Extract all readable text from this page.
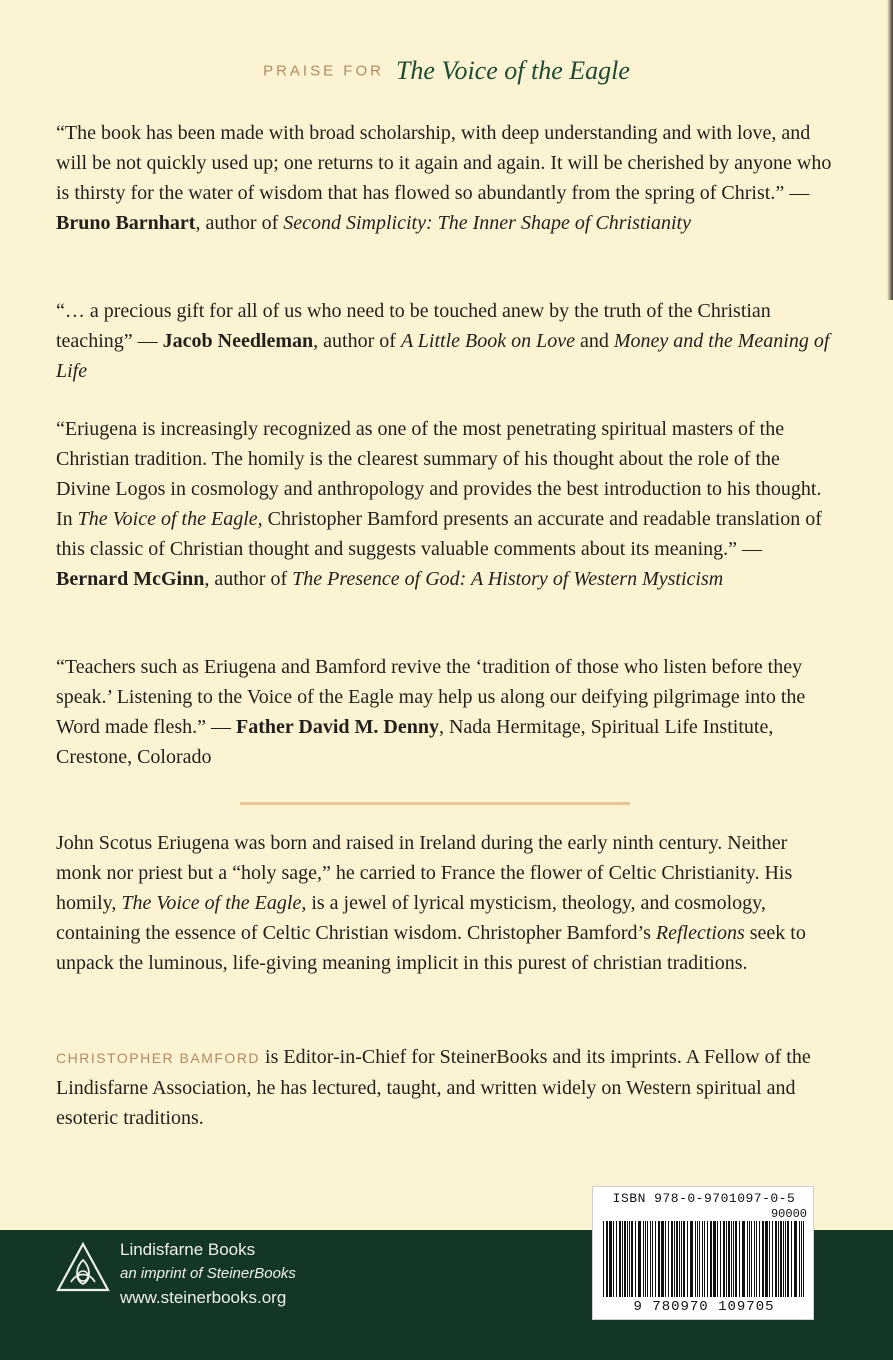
PRAISE FOR The Voice of the Eagle

“The book has been made with broad scholarship, with deep understanding and with love, and will be not quickly used up; one returns to it again and again. It will be cherished by anyone who is thirsty for the water of wisdom that has flowed so abundantly from the spring of Christ.” — Bruno Barnhart, author of Second Simplicity: The Inner Shape of Christianity

“… a precious gift for all of us who need to be touched anew by the truth of the Christian teaching” — Jacob Needleman, author of A Little Book on Love and Money and the Meaning of Life

“Eriugena is increasingly recognized as one of the most penetrating spiritual masters of the Christian tradition. The homily is the clearest summary of his thought about the role of the Divine Logos in cosmology and anthropology and provides the best introduction to his thought. In The Voice of the Eagle, Christopher Bamford presents an accurate and readable translation of this classic of Christian thought and suggests valuable comments about its meaning.” — Bernard McGinn, author of The Presence of God: A History of Western Mysticism

“Teachers such as Eriugena and Bamford revive the ‘tradition of those who listen before they speak.’ Listening to the Voice of the Eagle may help us along our deifying pilgrimage into the Word made flesh.” — Father David M. Denny, Nada Hermitage, Spiritual Life Institute, Crestone, Colorado

John Scotus Eriugena was born and raised in Ireland during the early ninth century. Neither monk nor priest but a “holy sage,” he carried to France the flower of Celtic Christianity. His homily, The Voice of the Eagle, is a jewel of lyrical mysticism, theology, and cosmology, containing the essence of Celtic Christian wisdom. Christopher Bamford’s Reflections seek to unpack the luminous, life-giving meaning implicit in this purest of christian traditions.

CHRISTOPHER BAMFORD is Editor-in-Chief for SteinerBooks and its imprints. A Fellow of the Lindisfarne Association, he has lectured, taught, and written widely on Western spiritual and esoteric traditions.

Lindisfarne Books
an imprint of SteinerBooks
www.steinerbooks.org
ISBN 978-0-9701097-0-5
90000
9 780970 109705
